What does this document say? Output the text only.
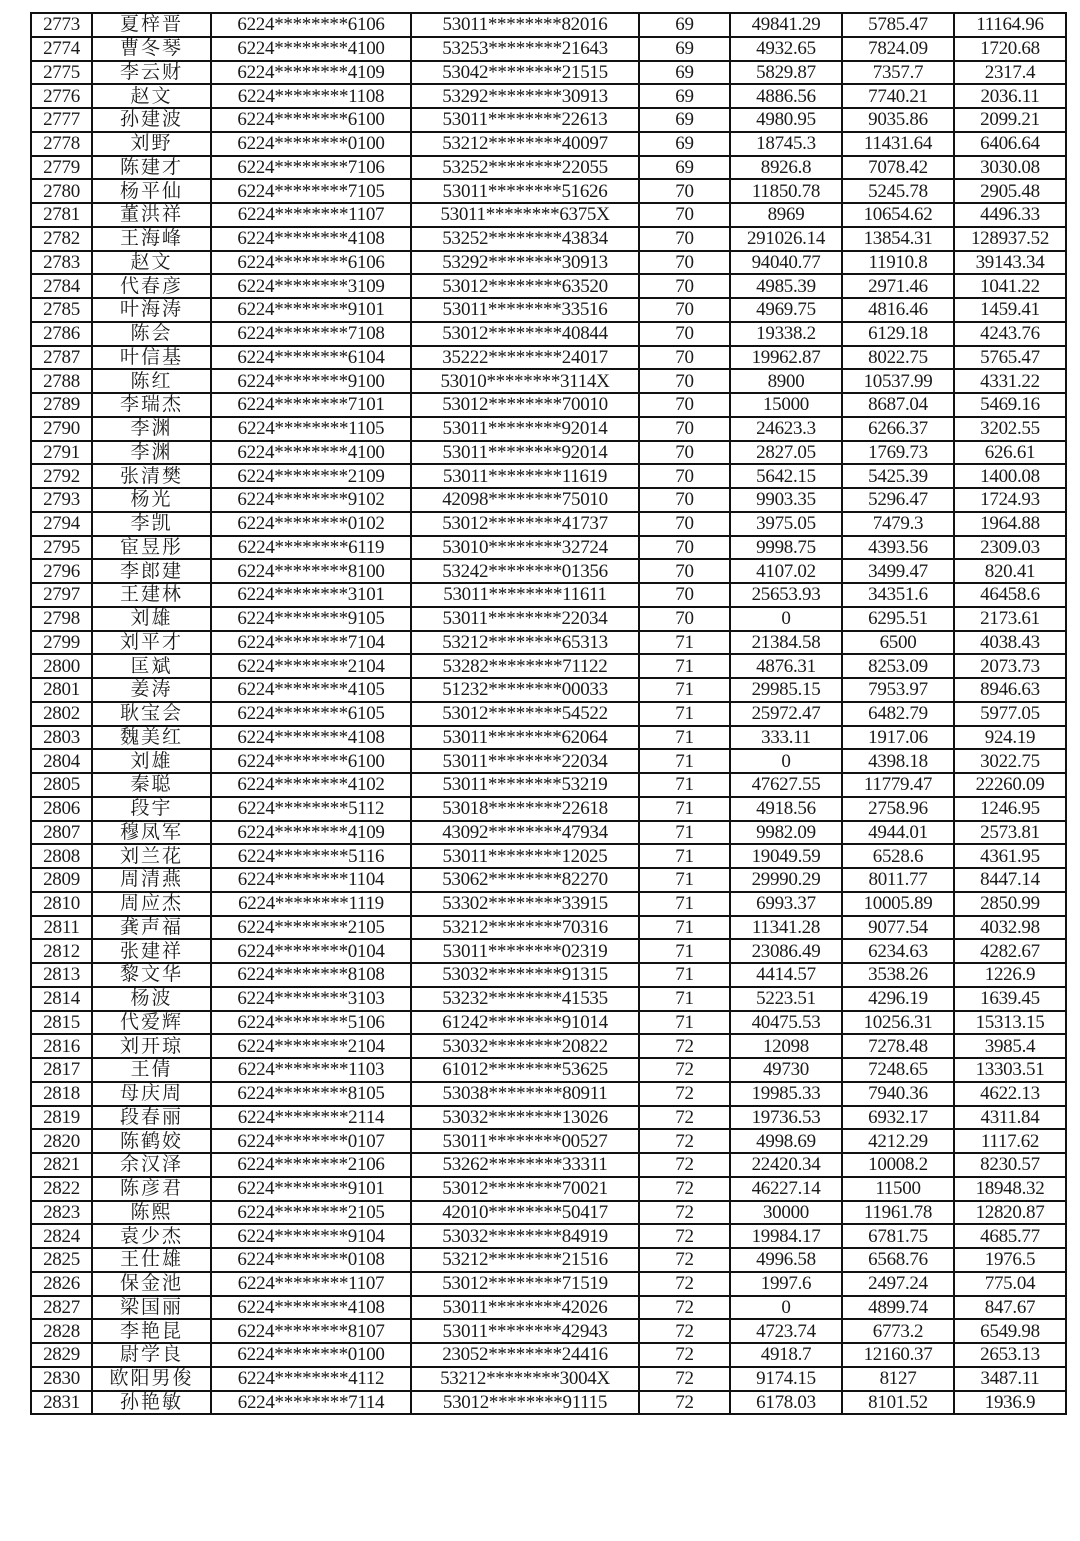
2773	夏梓晋	6224********6106	53011********82016	69	49841.29	5785.47	11164.96
2774	曹冬琴	6224********4100	53253********21643	69	4932.65	7824.09	1720.68
2775	李云财	6224********4109	53042********21515	69	5829.87	7357.7	2317.4
2776	赵文	6224********1108	53292********30913	69	4886.56	7740.21	2036.11
2777	孙建波	6224********6100	53011********22613	69	4980.95	9035.86	2099.21
2778	刘野	6224********0100	53212********40097	69	18745.3	11431.64	6406.64
2779	陈建才	6224********7106	53252********22055	69	8926.8	7078.42	3030.08
2780	杨平仙	6224********7105	53011********51626	70	11850.78	5245.78	2905.48
2781	董洪祥	6224********1107	53011********6375X	70	8969	10654.62	4496.33
2782	王海峰	6224********4108	53252********43834	70	291026.14	13854.31	128937.52
2783	赵文	6224********6106	53292********30913	70	94040.77	11910.8	39143.34
2784	代春彦	6224********3109	53012********63520	70	4985.39	2971.46	1041.22
2785	叶海涛	6224********9101	53011********33516	70	4969.75	4816.46	1459.41
2786	陈会	6224********7108	53012********40844	70	19338.2	6129.18	4243.76
2787	叶信基	6224********6104	35222********24017	70	19962.87	8022.75	5765.47
2788	陈红	6224********9100	53010********3114X	70	8900	10537.99	4331.22
2789	李瑞杰	6224********7101	53012********70010	70	15000	8687.04	5469.16
2790	李渊	6224********1105	53011********92014	70	24623.3	6266.37	3202.55
2791	李渊	6224********4100	53011********92014	70	2827.05	1769.73	626.61
2792	张清樊	6224********2109	53011********11619	70	5642.15	5425.39	1400.08
2793	杨光	6224********9102	42098********75010	70	9903.35	5296.47	1724.93
2794	李凯	6224********0102	53012********41737	70	3975.05	7479.3	1964.88
2795	宦昱彤	6224********6119	53010********32724	70	9998.75	4393.56	2309.03
2796	李郎建	6224********8100	53242********01356	70	4107.02	3499.47	820.41
2797	王建林	6224********3101	53011********11611	70	25653.93	34351.6	46458.6
2798	刘雄	6224********9105	53011********22034	70	0	6295.51	2173.61
2799	刘平才	6224********7104	53212********65313	71	21384.58	6500	4038.43
2800	匡斌	6224********2104	53282********71122	71	4876.31	8253.09	2073.73
2801	姜涛	6224********4105	51232********00033	71	29985.15	7953.97	8946.63
2802	耿宝会	6224********6105	53012********54522	71	25972.47	6482.79	5977.05
2803	魏美红	6224********4108	53011********62064	71	333.11	1917.06	924.19
2804	刘雄	6224********6100	53011********22034	71	0	4398.18	3022.75
2805	秦聪	6224********4102	53011********53219	71	47627.55	11779.47	22260.09
2806	段宇	6224********5112	53018********22618	71	4918.56	2758.96	1246.95
2807	穆凤军	6224********4109	43092********47934	71	9982.09	4944.01	2573.81
2808	刘兰花	6224********5116	53011********12025	71	19049.59	6528.6	4361.95
2809	周清燕	6224********1104	53062********82270	71	29990.29	8011.77	8447.14
2810	周应杰	6224********1119	53302********33915	71	6993.37	10005.89	2850.99
2811	龚声福	6224********2105	53212********70316	71	11341.28	9077.54	4032.98
2812	张建祥	6224********0104	53011********02319	71	23086.49	6234.63	4282.67
2813	黎文华	6224********8108	53032********91315	71	4414.57	3538.26	1226.9
2814	杨波	6224********3103	53232********41535	71	5223.51	4296.19	1639.45
2815	代爱辉	6224********5106	61242********91014	71	40475.53	10256.31	15313.15
2816	刘开琼	6224********2104	53032********20822	72	12098	7278.48	3985.4
2817	王倩	6224********1103	61012********53625	72	49730	7248.65	13303.51
2818	母庆周	6224********8105	53038********80911	72	19985.33	7940.36	4622.13
2819	段春丽	6224********2114	53032********13026	72	19736.53	6932.17	4311.84
2820	陈鹤姣	6224********0107	53011********00527	72	4998.69	4212.29	1117.62
2821	余汉泽	6224********2106	53262********33311	72	22420.34	10008.2	8230.57
2822	陈彦君	6224********9101	53012********70021	72	46227.14	11500	18948.32
2823	陈熙	6224********2105	42010********50417	72	30000	11961.78	12820.87
2824	袁少杰	6224********9104	53032********84919	72	19984.17	6781.75	4685.77
2825	王仕雄	6224********0108	53212********21516	72	4996.58	6568.76	1976.5
2826	保金池	6224********1107	53012********71519	72	1997.6	2497.24	775.04
2827	梁国丽	6224********4108	53011********42026	72	0	4899.74	847.67
2828	李艳昆	6224********8107	53011********42943	72	4723.74	6773.2	6549.98
2829	尉学良	6224********0100	23052********24416	72	4918.7	12160.37	2653.13
2830	欧阳男俊	6224********4112	53212********3004X	72	9174.15	8127	3487.11
2831	孙艳敏	6224********7114	53012********91115	72	6178.03	8101.52	1936.9
